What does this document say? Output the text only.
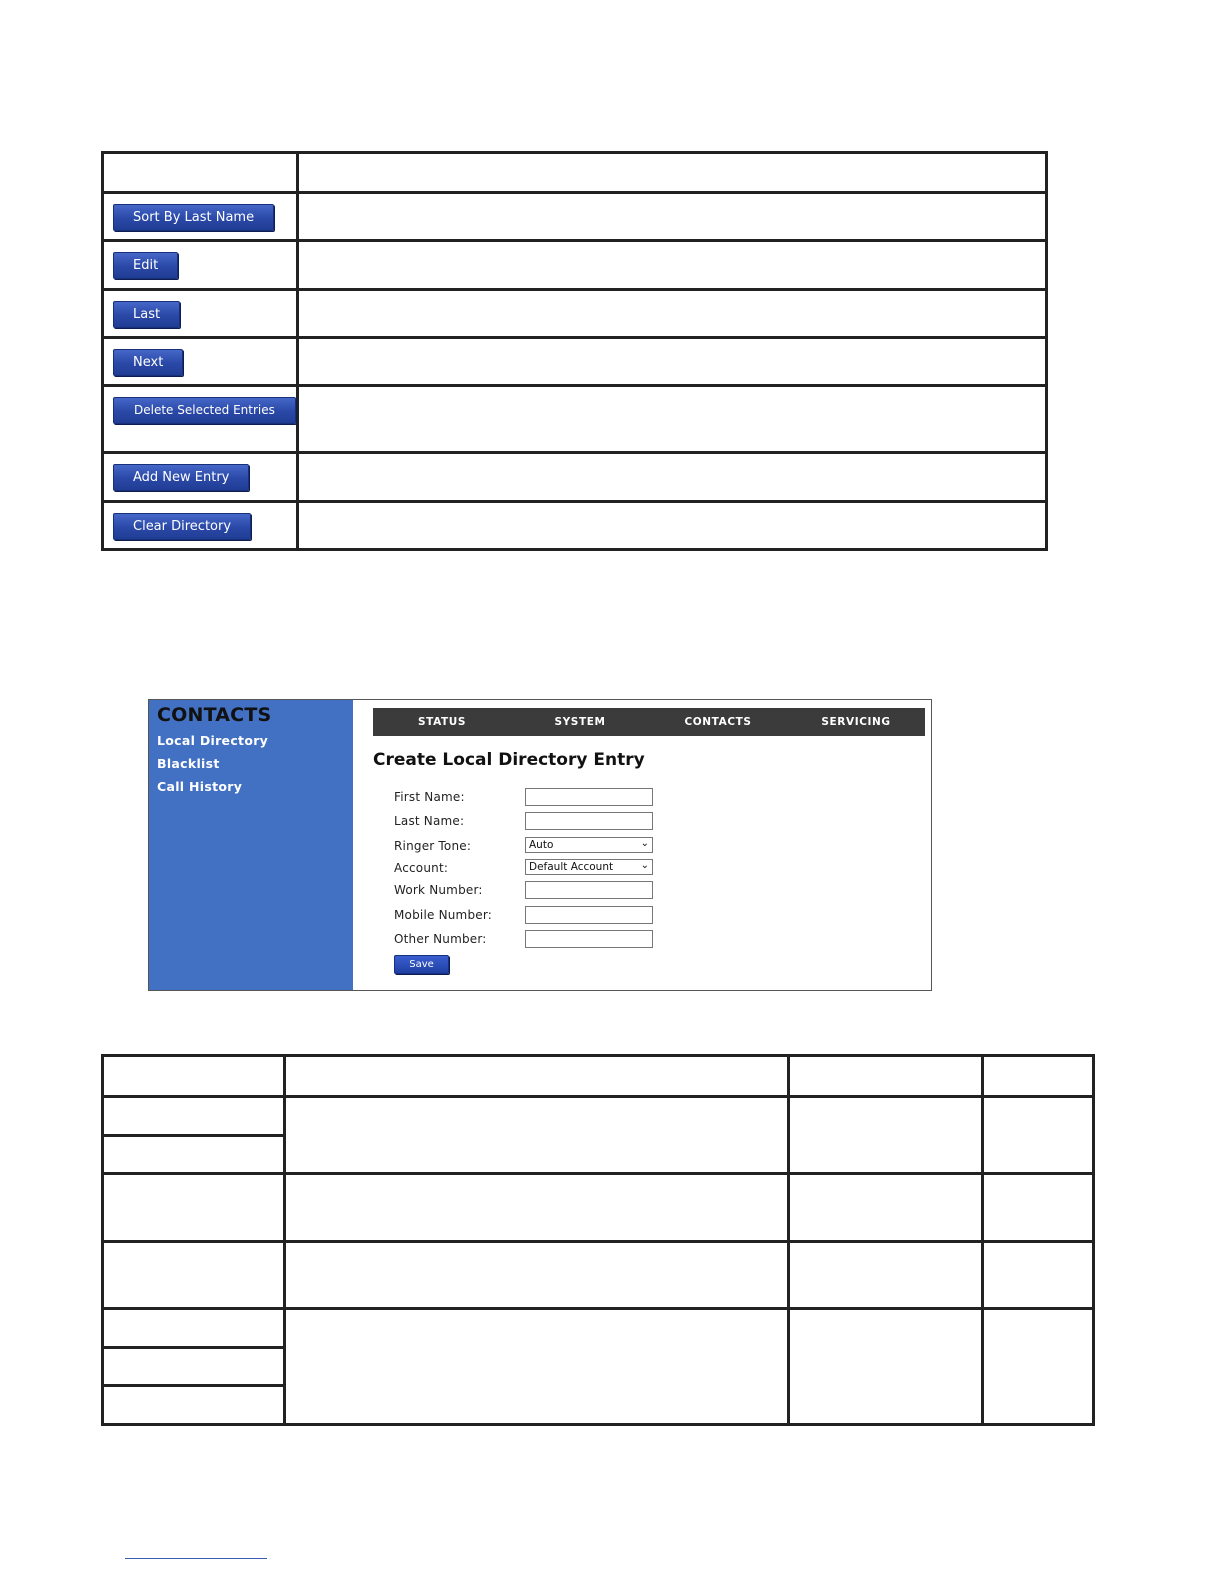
Sort By Last Name	
Edit	
Last	
Next	
Delete Selected Entries	
Add New Entry	
Clear Directory	
CONTACTS
Local Directory
Blacklist
Call History
STATUS	SYSTEM	CONTACTS	SERVICING
Create Local Directory Entry
First Name:
Last Name:
Ringer Tone:	Auto	⌄
Account:	Default Account	⌄
Work Number:
Mobile Number:
Other Number:
Save
